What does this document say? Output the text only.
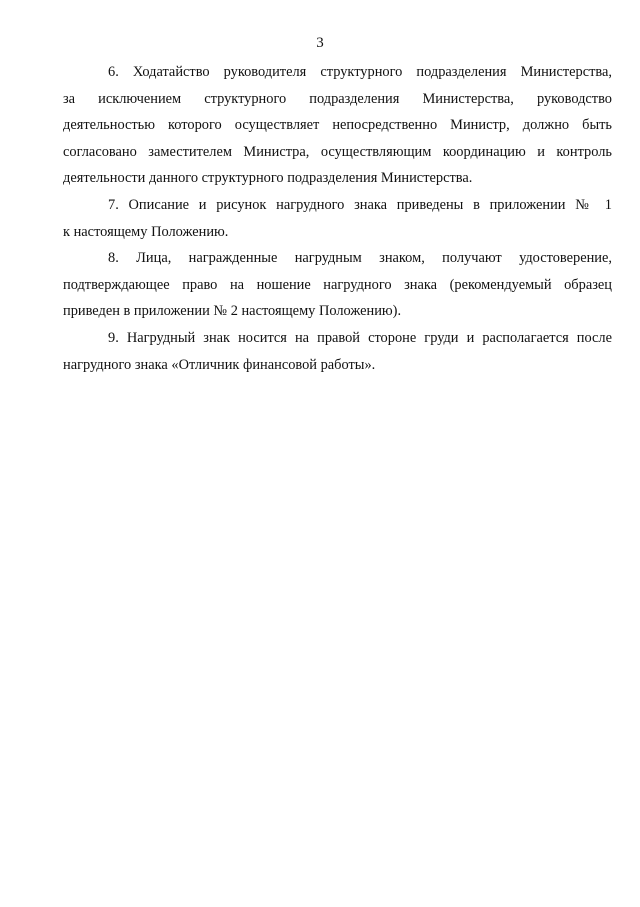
3

6. Ходатайство руководителя структурного подразделения Министерства,
за исключением структурного подразделения Министерства, руководство
деятельностью которого осуществляет непосредственно Министр, должно быть
согласовано заместителем Министра, осуществляющим координацию и контроль
деятельности данного структурного подразделения Министерства.

7. Описание и рисунок нагрудного знака приведены в приложении № 1
к настоящему Положению.

8. Лица, награжденные нагрудным знаком, получают удостоверение,
подтверждающее право на ношение нагрудного знака (рекомендуемый образец
приведен в приложении № 2 настоящему Положению).

9. Нагрудный знак носится на правой стороне груди и располагается после
нагрудного знака «Отличник финансовой работы».
